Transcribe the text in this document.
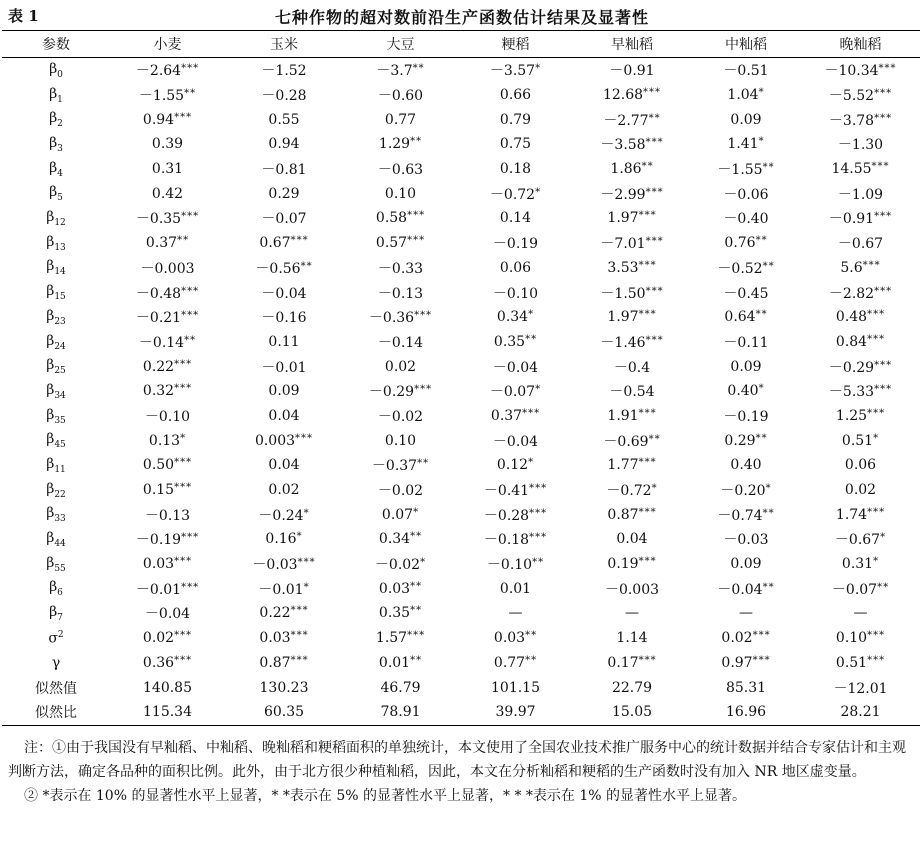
表 1	七种作物的超对数前沿生产函数估计结果及显著性
参数	小麦	玉米	大豆	粳稻	早籼稻	中籼稻	晚籼稻
$\beta_0$	－2.64***	－1.52	－3.7**	－3.57*	－0.91	－0.51	－10.34***
$\beta_1$	－1.55**	－0.28	－0.60	0.66	12.68***	1.04*	－5.52***
$\beta_2$	0.94***	0.55	0.77	0.79	－2.77**	0.09	－3.78***
$\beta_3$	0.39	0.94	1.29**	0.75	－3.58***	1.41*	－1.30
$\beta_4$	0.31	－0.81	－0.63	0.18	1.86**	－1.55**	14.55***
$\beta_5$	0.42	0.29	0.10	－0.72*	－2.99***	－0.06	－1.09
$\beta_{12}$	－0.35***	－0.07	0.58***	0.14	1.97***	－0.40	－0.91***
$\beta_{13}$	0.37**	0.67***	0.57***	－0.19	－7.01***	0.76**	－0.67
$\beta_{14}$	－0.003	－0.56**	－0.33	0.06	3.53***	－0.52**	5.6***
$\beta_{15}$	－0.48***	－0.04	－0.13	－0.10	－1.50***	－0.45	－2.82***
$\beta_{23}$	－0.21***	－0.16	－0.36***	0.34*	1.97***	0.64**	0.48***
$\beta_{24}$	－0.14**	0.11	－0.14	0.35**	－1.46***	－0.11	0.84***
$\beta_{25}$	0.22***	－0.01	0.02	－0.04	－0.4	0.09	－0.29***
$\beta_{34}$	0.32***	0.09	－0.29***	－0.07*	－0.54	0.40*	－5.33***
$\beta_{35}$	－0.10	0.04	－0.02	0.37***	1.91***	－0.19	1.25***
$\beta_{45}$	0.13*	0.003***	0.10	－0.04	－0.69**	0.29**	0.51*
$\beta_{11}$	0.50***	0.04	－0.37**	0.12*	1.77***	0.40	0.06
$\beta_{22}$	0.15***	0.02	－0.02	－0.41***	－0.72*	－0.20*	0.02
$\beta_{33}$	－0.13	－0.24*	0.07*	－0.28***	0.87***	－0.74**	1.74***
$\beta_{44}$	－0.19***	0.16*	0.34**	－0.18***	0.04	－0.03	－0.67*
$\beta_{55}$	0.03***	－0.03***	－0.02*	－0.10**	0.19***	0.09	0.31*
$\beta_6$	－0.01***	－0.01*	0.03**	0.01	－0.003	－0.04**	－0.07**
$\beta_7$	－0.04	0.22***	0.35**	—	—	—	—
$\sigma^2$	0.02***	0.03***	1.57***	0.03**	1.14	0.02***	0.10***
γ	0.36***	0.87***	0.01**	0.77**	0.17***	0.97***	0.51***
似然值	140.85	130.23	46.79	101.15	22.79	85.31	－12.01
似然比	115.34	60.35	78.91	39.97	15.05	16.96	28.21

注：①由于我国没有早籼稻、中籼稻、晚籼稻和粳稻面积的单独统计，本文使用了全国农业技术推广服务中心的统计数据并结合专家估计和主观判断方法，确定各品种的面积比例。此外，由于北方很少种植籼稻，因此，本文在分析籼稻和粳稻的生产函数时没有加入 NR 地区虚变量。

② *表示在 10% 的显著性水平上显著，* *表示在 5% 的显著性水平上显著，* * *表示在 1% 的显著性水平上显著。
